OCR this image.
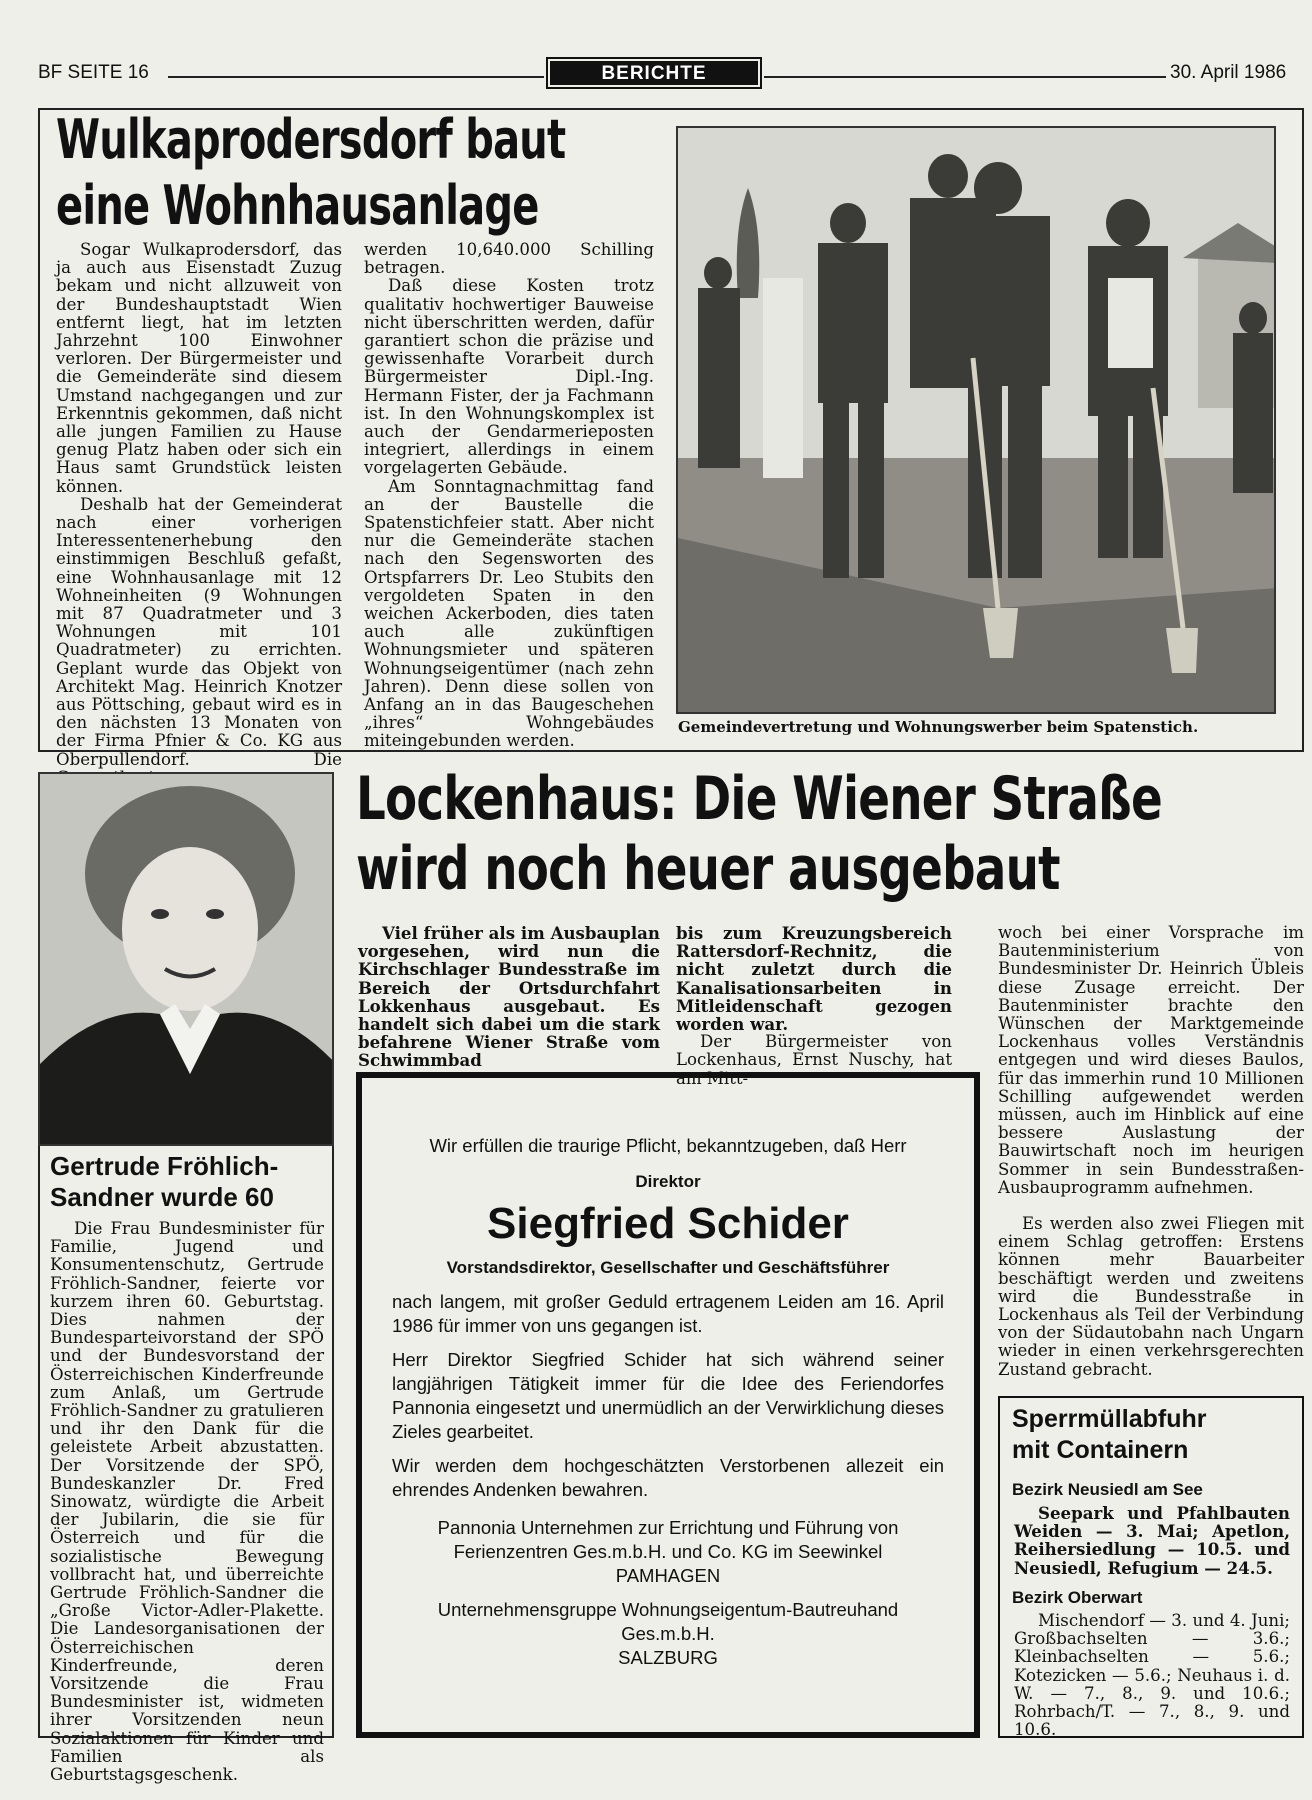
BF SEITE 16	BERICHTE	30. April 1986
Wulkaprodersdorf baut
eine Wohnhausanlage

Sogar Wulkaprodersdorf, das ja auch aus Eisenstadt Zuzug bekam und nicht allzuweit von der Bundeshauptstadt Wien entfernt liegt, hat im letzten Jahrzehnt 100 Einwohner verloren. Der Bürgermeister und die Gemeinderäte sind diesem Umstand nachgegangen und zur Erkenntnis gekommen, daß nicht alle jungen Familien zu Hause genug Platz haben oder sich ein Haus samt Grundstück leisten können.

Deshalb hat der Gemeinderat nach einer vorherigen Interessentenerhebung den einstimmigen Beschluß gefaßt, eine Wohnhausanlage mit 12 Wohneinheiten (9 Wohnungen mit 87 Quadratmeter und 3 Wohnungen mit 101 Quadratmeter) zu errichten. Geplant wurde das Objekt von Architekt Mag. Heinrich Knotzer aus Pöttsching, gebaut wird es in den nächsten 13 Monaten von der Firma Pfnier & Co. KG aus Oberpullendorf. Die

werden 10,640.000 Schilling betragen.

Daß diese Kosten trotz qualitativ hochwertiger Bauweise nicht überschritten werden, dafür garantiert schon die präzise und gewissenhafte Vorarbeit durch Bürgermeister Dipl.-Ing. Hermann Fister, der ja Fachmann ist. In den Wohnungskomplex ist auch der Gendarmerieposten integriert, allerdings in einem vorgelagerten Gebäude.

Am Sonntagnachmittag fand an der Baustelle die Spatenstichfeier statt. Aber nicht nur die Gemeinderäte stachen nach den Segensworten des Ortspfarrers Dr. Leo Stubits den vergoldeten Spaten in den weichen Ackerboden, dies taten auch alle zukünftigen Wohnungsmieter und späteren Wohnungseigentümer (nach zehn Jahren). Denn diese sollen von Anfang an in das Baugeschehen „ihres“ Wohngebäudes miteingebunden werden.

Gemeindevertretung und Wohnungswerber beim Spatenstich.
Gertrude Fröhlich-
Sandner wurde 60

Die Frau Bundesminister für Familie, Jugend und Konsumentenschutz, Gertrude Fröhlich-Sandner, feierte vor kurzem ihren 60. Geburtstag. Dies nahmen der Bundesparteivorstand der SPÖ und der Bundesvorstand der Österreichischen Kinderfreunde zum Anlaß, um Gertrude Fröhlich-Sandner zu gratulieren und ihr den Dank für die geleistete Arbeit abzustatten. Der Vorsitzende der SPÖ, Bundeskanzler Dr. Fred Sinowatz, würdigte die Arbeit der Jubilarin, die sie für Österreich und für die sozialistische Bewegung vollbracht hat, und überreichte Gertrude Fröhlich-Sandner die „Große Victor-Adler-Plakette. Die Landesorganisationen der Österreichischen Kinderfreunde, deren Vorsitzende die Frau Bundesminister ist, widmeten ihrer Vorsitzenden neun Sozialaktionen für Kinder und Familien als Geburtstagsgeschenk.

Lockenhaus: Die Wiener Straße
wird noch heuer ausgebaut

Viel früher als im Ausbauplan vorgesehen, wird nun die Kirchschlager Bundesstraße im Bereich der Ortsdurchfahrt Lokkenhaus ausgebaut. Es handelt sich dabei um die stark befahrene Wiener Straße vom Schwimmbad

bis zum Kreuzungsbereich Rattersdorf-Rechnitz, die nicht zuletzt durch die Kanalisationsarbeiten in Mitleidenschaft gezogen worden war.

Der Bürgermeister von Lockenhaus, Ernst Nuschy, hat am Mitt-

woch bei einer Vorsprache im Bautenministerium von Bundesminister Dr. Heinrich Übleis diese Zusage erreicht. Der Bautenminister brachte den Wünschen der Marktgemeinde Lockenhaus volles Verständnis entgegen und wird dieses Baulos, für das immerhin rund 10 Millionen Schilling aufgewendet werden müssen, auch im Hinblick auf eine bessere Auslastung der Bauwirtschaft noch im heurigen Sommer in sein Bundesstraßen-Ausbauprogramm aufnehmen.

Es werden also zwei Fliegen mit einem Schlag getroffen: Erstens können mehr Bauarbeiter beschäftigt werden und zweitens wird die Bundesstraße in Lockenhaus als Teil der Verbindung von der Südautobahn nach Ungarn wieder in einen verkehrsgerechten Zustand gebracht.

Wir erfüllen die traurige Pflicht, bekanntzugeben, daß Herr
Direktor
Siegfried Schider
Vorstandsdirektor, Gesellschafter und Geschäftsführer
nach langem, mit großer Geduld ertragenem Leiden am 16. April 1986 für immer von uns gegangen ist.
Herr Direktor Siegfried Schider hat sich während seiner langjährigen Tätigkeit immer für die Idee des Feriendorfes Pannonia eingesetzt und unermüdlich an der Verwirklichung dieses Zieles gearbeitet.
Wir werden dem hochgeschätzten Verstorbenen allezeit ein ehrendes Andenken bewahren.
Pannonia Unternehmen zur Errichtung und Führung von Ferienzentren Ges.m.b.H. und Co. KG im Seewinkel
PAMHAGEN
Unternehmensgruppe Wohnungseigentum-Bautreuhand Ges.m.b.H.
SALZBURG
Sperrmüllabfuhr
mit Containern
Bezirk Neusiedl am See

Seepark und Pfahlbauten Weiden — 3. Mai; Apetlon, Reihersiedlung — 10.5. und Neusiedl, Refugium — 24.5.

Bezirk Oberwart

Mischendorf — 3. und 4. Juni; Großbachselten — 3.6.; Kleinbachselten — 5.6.; Kotezicken — 5.6.; Neuhaus i. d. W. — 7., 8., 9. und 10.6.; Rohrbach/T. — 7., 8., 9. und 10.6.
